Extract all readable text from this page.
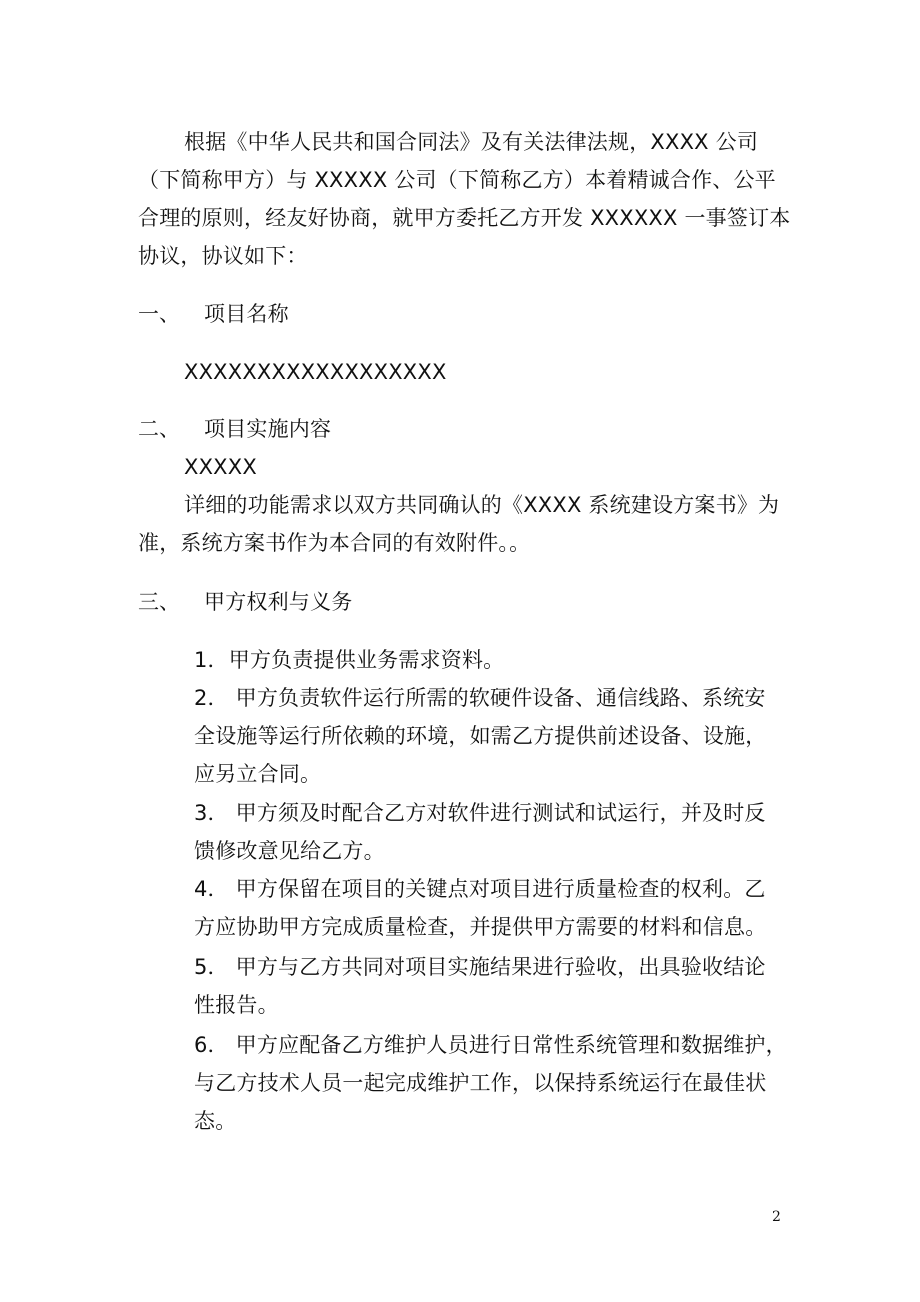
根据《中华人民共和国合同法》及有关法律法规，XXXX 公司
（下简称甲方）与 XXXXX 公司（下简称乙方）本着精诚合作、公平
合理的原则，经友好协商，就甲方委托乙方开发 XXXXXX 一事签订本
协议，协议如下：
一、 项目名称
XXXXXXXXXXXXXXXXXX
二、 项目实施内容
XXXXX
详细的功能需求以双方共同确认的《XXXX 系统建设方案书》为
准，系统方案书作为本合同的有效附件。。
三、 甲方权利与义务
1．甲方负责提供业务需求资料。
2． 甲方负责软件运行所需的软硬件设备、通信线路、系统安
全设施等运行所依赖的环境，如需乙方提供前述设备、设施，
应另立合同。
3． 甲方须及时配合乙方对软件进行测试和试运行，并及时反
馈修改意见给乙方。
4． 甲方保留在项目的关键点对项目进行质量检查的权利。乙
方应协助甲方完成质量检查，并提供甲方需要的材料和信息。
5． 甲方与乙方共同对项目实施结果进行验收，出具验收结论
性报告。
6． 甲方应配备乙方维护人员进行日常性系统管理和数据维护，
与乙方技术人员一起完成维护工作，以保持系统运行在最佳状
态。
2
